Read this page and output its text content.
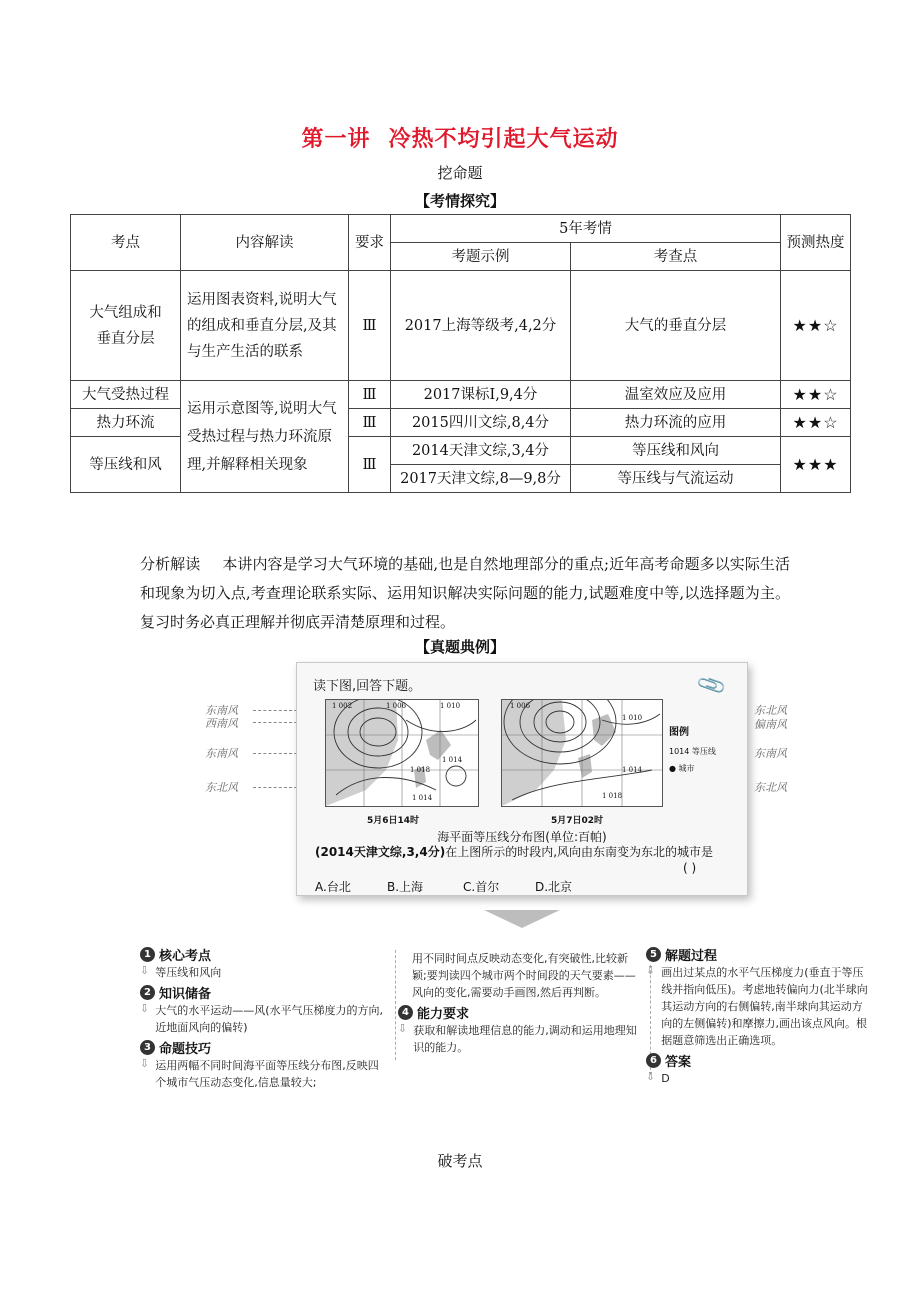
第一讲 冷热不均引起大气运动
挖命题
【考情探究】
考点	内容解读	要求	5年考情		预测热度
			考题示例	考查点	
大气组成和垂直分层	运用图表资料,说明大气的组成和垂直分层,及其与生产生活的联系	Ⅲ	2017上海等级考,4,2分	大气的垂直分层	★★☆
大气受热过程	运用示意图等,说明大气受热过程与热力环流原理,并解释相关现象	Ⅲ	2017课标Ⅰ,9,4分	温室效应及应用	★★☆
热力环流		Ⅲ	2015四川文综,8,4分	热力环流的应用	★★☆
等压线和风		Ⅲ	2014天津文综,3,4分	等压线和风向	★★★
			2017天津文综,8—9,8分	等压线与气流运动	
分析解读 本讲内容是学习大气环境的基础,也是自然地理部分的重点;近年高考命题多以实际生活和现象为切入点,考查理论联系实际、运用知识解决实际问题的能力,试题难度中等,以选择题为主。复习时务必真正理解并彻底弄清楚原理和过程。
【真题典例】
东南风
西南风
东南风
东北风
东北风
偏南风
东南风
东北风
读下图,回答下题。	📎
1 002	1 006	1 010
1 018
1 014
1 014
5月6日14时
1 006
1 010
1 014
1 018
5月7日02时
图例
1014 等压线
● 城市
海平面等压线分布图(单位:百帕)
(2014天津文综,3,4分)在上图所示的时段内,风向由东南变为东北的城市是
( )
A.台北	B.上海	C.首尔	D.北京
1 核心考点
⇩ 等压线和风向
2 知识储备
⇩ 大气的水平运动——风(水平气压梯度力的方向,近地面风向的偏转)
3 命题技巧
⇩ 运用两幅不同时间海平面等压线分布图,反映四个城市气压动态变化,信息量较大;
用不同时间点反映动态变化,有突破性,比较新颖;要判读四个城市两个时间段的天气要素——风向的变化,需要动手画图,然后再判断。
4 能力要求
⇩ 获取和解读地理信息的能力,调动和运用地理知识的能力。
5 解题过程
⇩ 画出过某点的水平气压梯度力(垂直于等压线并指向低压)。考虑地转偏向力(北半球向其运动方向的右侧偏转,南半球向其运动方向的左侧偏转)和摩擦力,画出该点风向。根据题意筛选出正确选项。
6 答案
⇩ D
破考点
